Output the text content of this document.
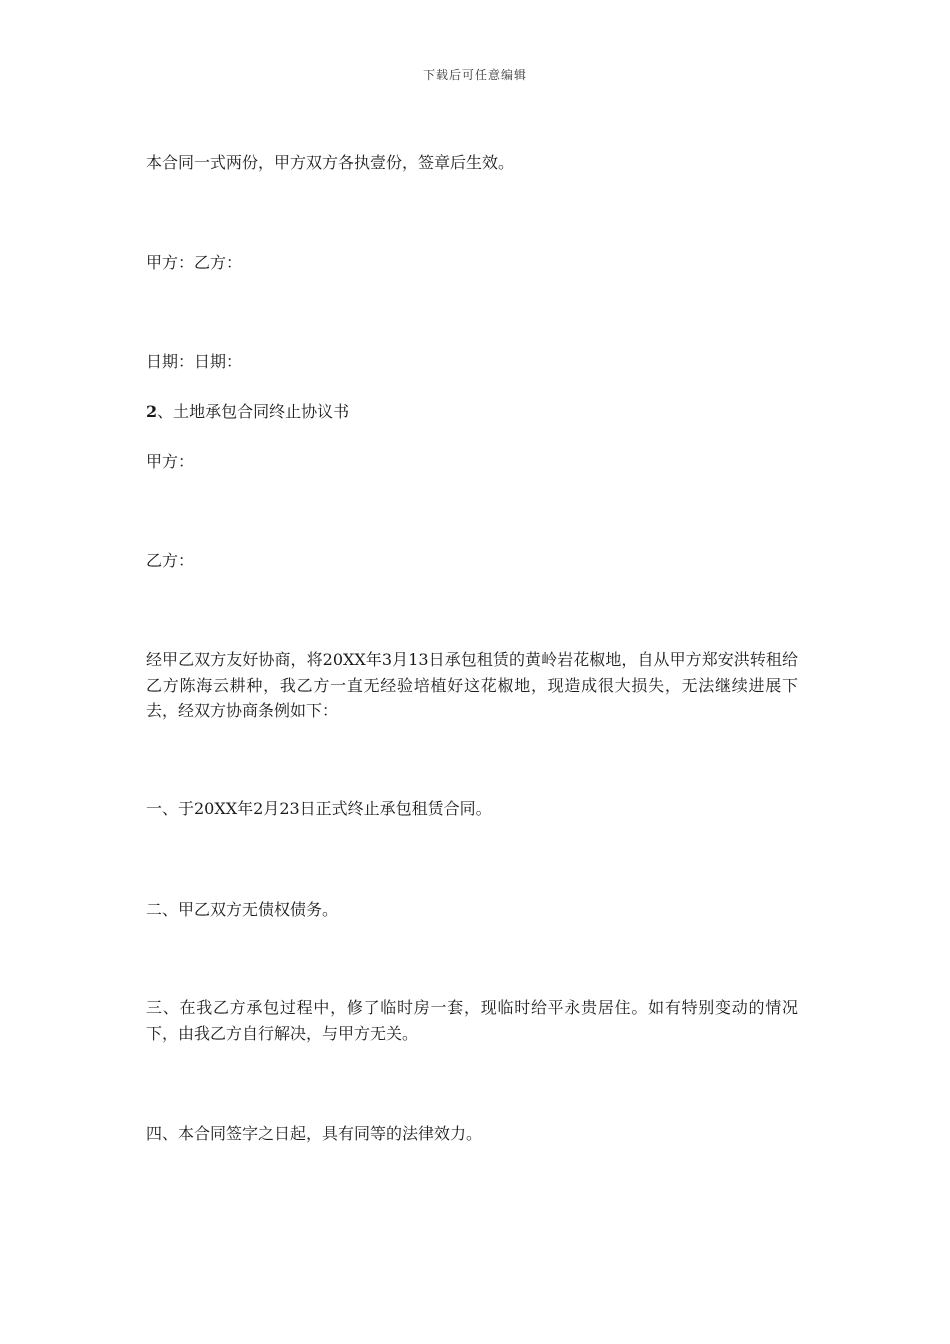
下载后可任意编辑
本合同一式两份，甲方双方各执壹份，签章后生效。
甲方：乙方：
日期：日期：
2、土地承包合同终止协议书
甲方：
乙方：
经甲乙双方友好协商，将20XX年3月13日承包租赁的黄岭岩花椒地，自从甲方郑安洪转租给乙方陈海云耕种，我乙方一直无经验培植好这花椒地，现造成很大损失，无法继续进展下去，经双方协商条例如下：
一、于20XX年2月23日正式终止承包租赁合同。
二、甲乙双方无债权债务。
三、在我乙方承包过程中，修了临时房一套，现临时给平永贵居住。如有特别变动的情况下，由我乙方自行解决，与甲方无关。
四、本合同签字之日起，具有同等的法律效力。
